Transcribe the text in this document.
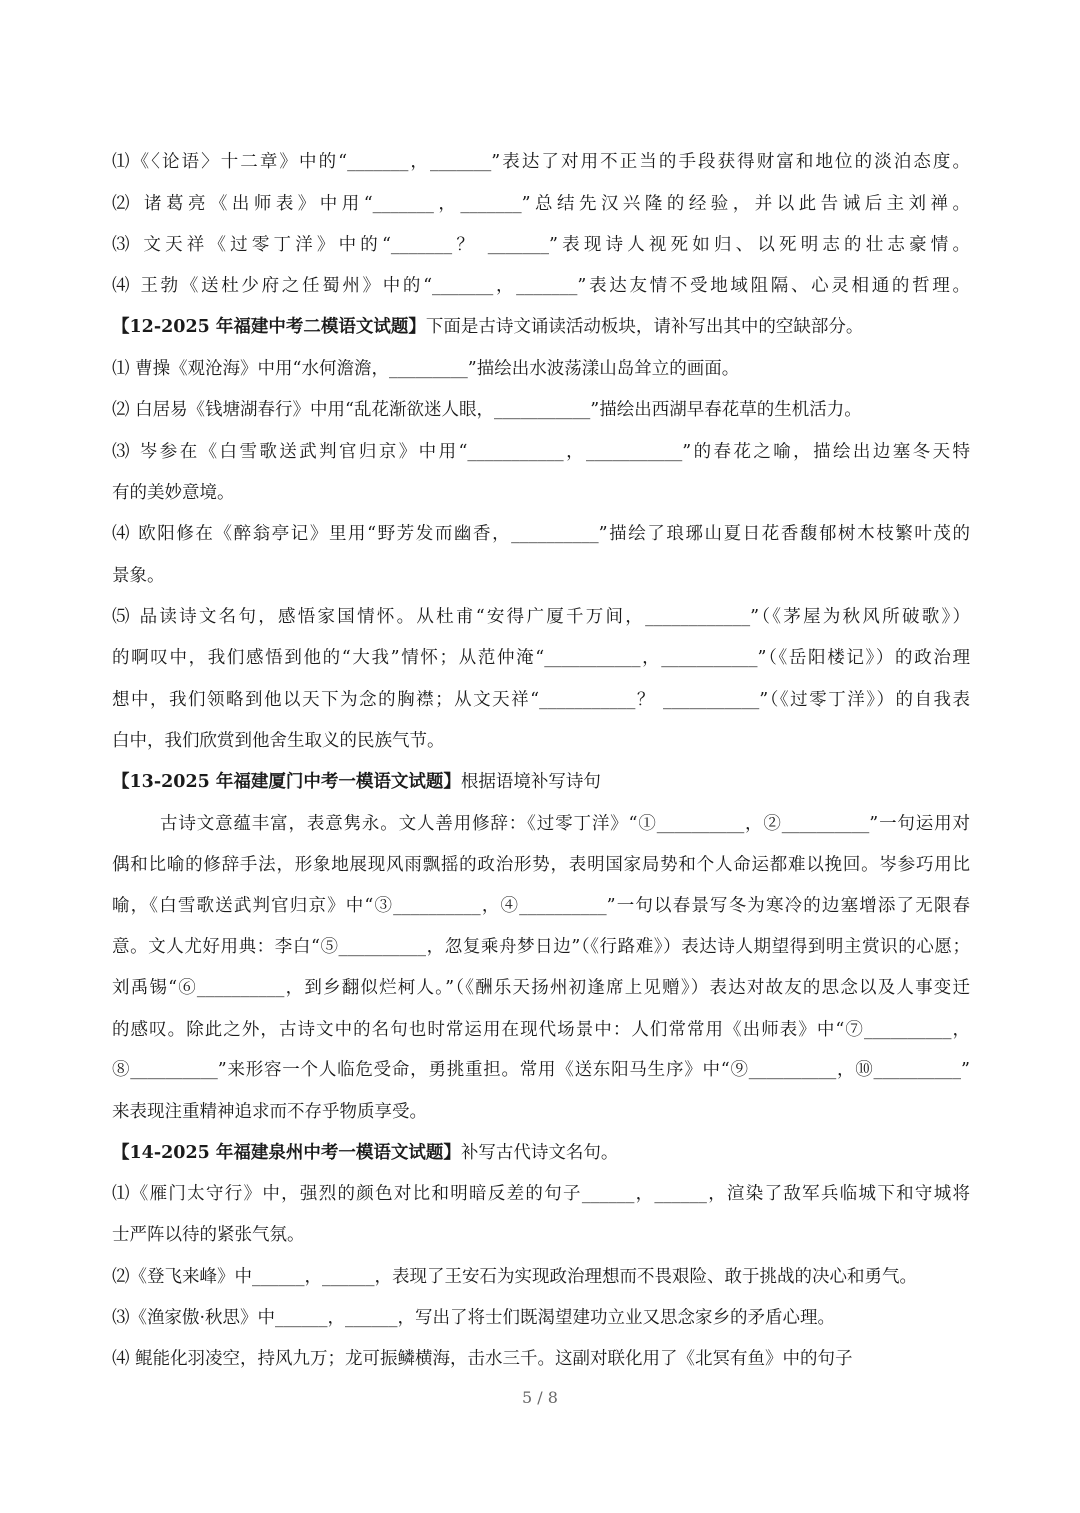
⑴《〈论语〉十二章》中的“_______，_______”表达了对用不正当的手段获得财富和地位的淡泊态度。
⑵ 诸葛亮《出师表》中用“_______，_______”总结先汉兴隆的经验，并以此告诫后主刘禅。
⑶ 文天祥《过零丁洋》中的“_______？ _______”表现诗人视死如归、以死明志的壮志豪情。
⑷ 王勃《送杜少府之任蜀州》中的“_______，_______”表达友情不受地域阻隔、心灵相通的哲理。
【12-2025 年福建中考二模语文试题】下面是古诗文诵读活动板块，请补写出其中的空缺部分。
⑴ 曹操《观沧海》中用“水何澹澹，_________”描绘出水波荡漾山岛耸立的画面。
⑵ 白居易《钱塘湖春行》中用“乱花渐欲迷人眼，___________”描绘出西湖早春花草的生机活力。
⑶ 岑参在《白雪歌送武判官归京》中用“___________，___________”的春花之喻，描绘出边塞冬天特
有的美妙意境。
⑷ 欧阳修在《醉翁亭记》里用“野芳发而幽香，__________”描绘了琅琊山夏日花香馥郁树木枝繁叶茂的
景象。
⑸ 品读诗文名句，感悟家国情怀。从杜甫“安得广厦千万间，____________”（《茅屋为秋风所破歌》）
的啊叹中，我们感悟到他的“大我”情怀；从范仲淹“___________，___________”（《岳阳楼记》）的政治理
想中，我们领略到他以天下为念的胸襟；从文天祥“___________？ ___________”（《过零丁洋》）的自我表
白中，我们欣赏到他舍生取义的民族气节。
【13-2025 年福建厦门中考一模语文试题】根据语境补写诗句
古诗文意蕴丰富，表意隽永。文人善用修辞：《过零丁洋》“①__________，②__________”一句运用对
偶和比喻的修辞手法，形象地展现风雨飘摇的政治形势，表明国家局势和个人命运都难以挽回。岑参巧用比
喻，《白雪歌送武判官归京》中“③__________，④__________”一句以春景写冬为寒冷的边塞增添了无限春
意。文人尤好用典：李白“⑤__________，忽复乘舟梦日边”（《行路难》）表达诗人期望得到明主赏识的心愿；
刘禹锡“⑥__________，到乡翻似烂柯人。”（《酬乐天扬州初逢席上见赠》）表达对故友的思念以及人事变迁
的感叹。除此之外，古诗文中的名句也时常运用在现代场景中：人们常常用《出师表》中“⑦__________，
⑧__________”来形容一个人临危受命，勇挑重担。常用《送东阳马生序》中“⑨__________，⑩__________”
来表现注重精神追求而不存乎物质享受。
【14-2025 年福建泉州中考一模语文试题】补写古代诗文名句。
⑴《雁门太守行》中，强烈的颜色对比和明暗反差的句子______，______，渲染了敌军兵临城下和守城将
士严阵以待的紧张气氛。
⑵《登飞来峰》中______，______，表现了王安石为实现政治理想而不畏艰险、敢于挑战的决心和勇气。
⑶《渔家傲·秋思》中______，______，写出了将士们既渴望建功立业又思念家乡的矛盾心理。
⑷ 鲲能化羽凌空，持风九万；龙可振鳞横海，击水三千。这副对联化用了《北冥有鱼》中的句子
5 / 8
